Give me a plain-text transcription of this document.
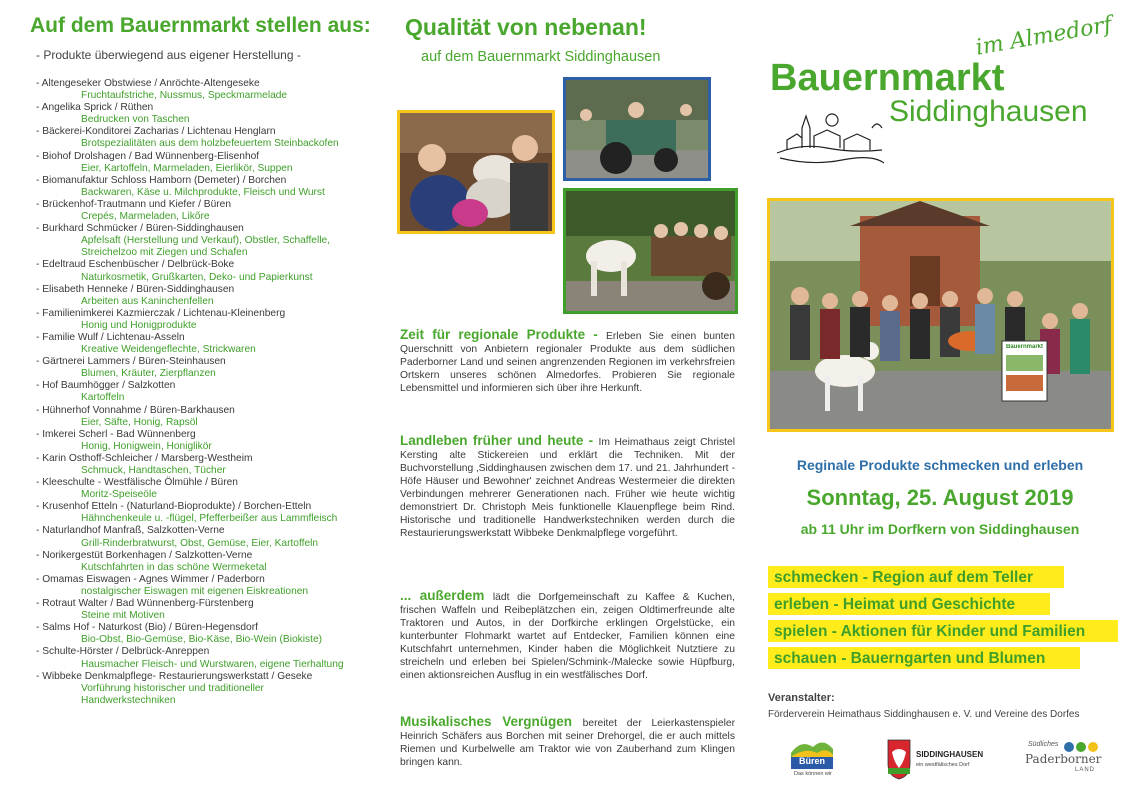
Auf dem Bauernmarkt stellen aus:
- Produkte überwiegend aus eigener Herstellung -
- Altengeseker Obstwiese / Anröchte-Altengeseke
Fruchtaufstriche, Nussmus, Speckmarmelade
- Angelika Sprick / Rüthen
Bedrucken von Taschen
- Bäckerei-Konditorei Zacharias / Lichtenau Henglarn
Brotspezialitäten aus dem holzbefeuertem Steinbackofen
- Biohof Drolshagen / Bad Wünnenberg-Elisenhof
Eier, Kartoffeln, Marmeladen, Eierlikör, Suppen
- Biomanufaktur Schloss Hamborn (Demeter) / Borchen
Backwaren, Käse u. Milchprodukte, Fleisch und Wurst
- Brückenhof-Trautmann und Kiefer / Büren
Crepés, Marmeladen, Likőre
- Burkhard Schmücker / Büren-Siddinghausen
Apfelsaft (Herstellung und Verkauf), Obstler, Schaffelle,
Streichelzoo mit Ziegen und Schafen
- Edeltraud Eschenbüscher / Delbrück-Boke
Naturkosmetik, Grußkarten, Deko- und Papierkunst
- Elisabeth Henneke / Büren-Siddinghausen
Arbeiten aus Kaninchenfellen
- Familienimkerei Kazmierczak / Lichtenau-Kleinenberg
Honig und Honigprodukte
- Familie Wulf / Lichtenau-Asseln
Kreative Weidengeflechte, Strickwaren
- Gärtnerei Lammers / Büren-Steinhausen
Blumen, Kräuter, Zierpflanzen
- Hof Baumhögger / Salzkotten
Kartoffeln
- Hühnerhof Vonnahme / Büren-Barkhausen
Eier, Säfte, Honig, Rapsöl
- Imkerei Scherl - Bad Wünnenberg
Honig, Honigwein, Honiglikör
- Karin Osthoff-Schleicher / Marsberg-Westheim
Schmuck, Handtaschen, Tücher
- Kleeschulte - Westfälische Ölmühle / Büren
Moritz-Speiseöle
- Krusenhof Etteln - (Naturland-Bioprodukte) / Borchen-Etteln
Hähnchenkeule u. -flügel, Pfefferbeißer aus Lammfleisch
- Naturlandhof Manfraß, Salzkotten-Verne
Grill-Rinderbratwurst, Obst, Gemüse, Eier, Kartoffeln
- Norikergestüt Borkenhagen / Salzkotten-Verne
Kutschfahrten in das schöne Wermeketal
- Omamas Eiswagen - Agnes Wimmer / Paderborn
nostalgischer Eiswagen mit eigenen Eiskreationen
- Rotraut Walter / Bad Wünnenberg-Fürstenberg
Steine mit Motiven
- Salms Hof - Naturkost (Bio) / Büren-Hegensdorf
Bio-Obst, Bio-Gemüse, Bio-Käse, Bio-Wein (Biokiste)
- Schulte-Hörster / Delbrück-Anreppen
Hausmacher Fleisch- und Wurstwaren, eigene Tierhaltung
- Wibbeke Denkmalpflege- Restaurierungswerkstatt / Geseke
Vorführung historischer und traditioneller
Handwerkstechniken
Qualität von nebenan!
auf dem Bauernmarkt Siddinghausen
Zeit für regionale Produkte - Erleben Sie einen bunten Querschnitt von Anbietern regionaler Produkte aus dem südlichen Paderborner Land und seinen angrenzenden Regionen im verkehrsfreien Ortskern unseres schönen Almedorfes. Probieren Sie regionale Lebensmittel und informieren sich über ihre Herkunft.
Landleben früher und heute - Im Heimathaus zeigt Christel Kersting alte Stickereien und erklärt die Techniken. Mit der Buchvorstellung ‚Siddinghausen zwischen dem 17. und 21. Jahrhundert - Höfe Häuser und Bewohner' zeichnet Andreas Westermeier die direkten Verbindungen mehrerer Generationen nach. Früher wie heute wichtig demonstriert Dr. Christoph Meis funktionelle Klauenpflege beim Rind. Historische und traditionelle Handwerkstechniken werden durch die Restaurierungswerkstatt Wibbeke Denkmalpflege vorgeführt.
... außerdem lädt die Dorfgemeinschaft zu Kaffee & Kuchen, frischen Waffeln und Reibeplätzchen ein, zeigen Oldtimerfreunde alte Traktoren und Autos, in der Dorfkirche erklingen Orgelstücke, ein kunterbunter Flohmarkt wartet auf Entdecker, Familien können eine Kutschfahrt unternehmen, Kinder haben die Möglichkeit Nutztiere zu streicheln und erleben bei Spielen/Schmink-/Malecke sowie Hüpfburg, einen aktionsreichen Ausflug in ein westfälisches Dorf.
Musikalisches Vergnügen bereitet der Leierkastenspieler Heinrich Schäfers aus Borchen mit seiner Drehorgel, die er auch mittels Riemen und Kurbelwelle am Traktor wie von Zauberhand zum Klingen bringen kann.
im Almedorf
Bauernmarkt
Siddinghausen
Bauernmarkt
Reginale Produkte schmecken und erleben
Sonntag, 25. August 2019
ab 11 Uhr im Dorfkern von Siddinghausen
schmecken - Region auf dem Teller
erleben - Heimat und Geschichte
spielen - Aktionen für Kinder und Familien
schauen - Bauerngarten und Blumen
Veranstalter:
Förderverein Heimathaus Siddinghausen e. V. und Vereine des Dorfes
Büren
Das können wir
SIDDINGHAUSEN
ein westfälisches Dorf
Südliches
Paderborner
LAND
